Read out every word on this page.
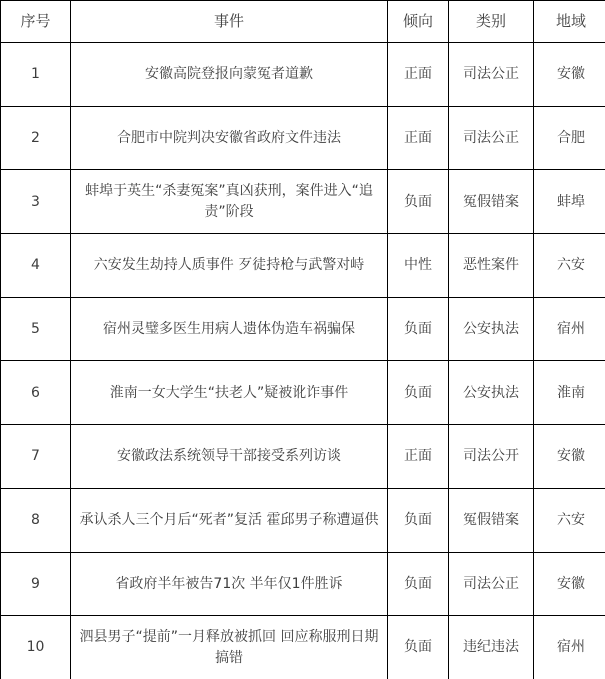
序号	事件	倾向	类别	地域
1	安徽高院登报向蒙冤者道歉	正面	司法公正	安徽
2	合肥市中院判决安徽省政府文件违法	正面	司法公正	合肥
3	蚌埠于英生“杀妻冤案”真凶获刑，案件进入“追责”阶段	负面	冤假错案	蚌埠
4	六安发生劫持人质事件 歹徒持枪与武警对峙	中性	恶性案件	六安
5	宿州灵璧多医生用病人遗体伪造车祸骗保	负面	公安执法	宿州
6	淮南一女大学生“扶老人”疑被讹诈事件	负面	公安执法	淮南
7	安徽政法系统领导干部接受系列访谈	正面	司法公开	安徽
8	承认杀人三个月后“死者”复活 霍邱男子称遭逼供	负面	冤假错案	六安
9	省政府半年被告71次 半年仅1件胜诉	负面	司法公正	安徽
10	泗县男子“提前”一月释放被抓回 回应称服刑日期搞错	负面	违纪违法	宿州
